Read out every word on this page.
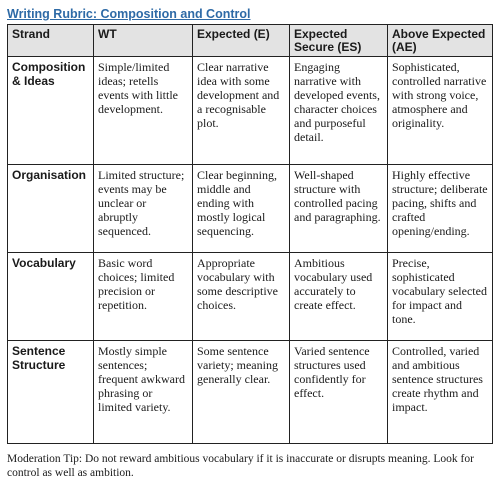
Writing Rubric: Composition and Control
Strand	WT	Expected (E)	Expected Secure (ES)	Above Expected (AE)
Composition & Ideas	Simple/limited ideas; retells events with little development.	Clear narrative idea with some development and a recognisable plot.	Engaging narrative with developed events, character choices and purposeful detail.	Sophisticated, controlled narrative with strong voice, atmosphere and originality.
Organisation	Limited structure; events may be unclear or abruptly sequenced.	Clear beginning, middle and ending with mostly logical sequencing.	Well-shaped structure with controlled pacing and paragraphing.	Highly effective structure; deliberate pacing, shifts and crafted opening/ending.
Vocabulary	Basic word choices; limited precision or repetition.	Appropriate vocabulary with some descriptive choices.	Ambitious vocabulary used accurately to create effect.	Precise, sophisticated vocabulary selected for impact and tone.
Sentence Structure	Mostly simple sentences; frequent awkward phrasing or limited variety.	Some sentence variety; meaning generally clear.	Varied sentence structures used confidently for effect.	Controlled, varied and ambitious sentence structures create rhythm and impact.
Moderation Tip: Do not reward ambitious vocabulary if it is inaccurate or disrupts meaning. Look for control as well as ambition.
